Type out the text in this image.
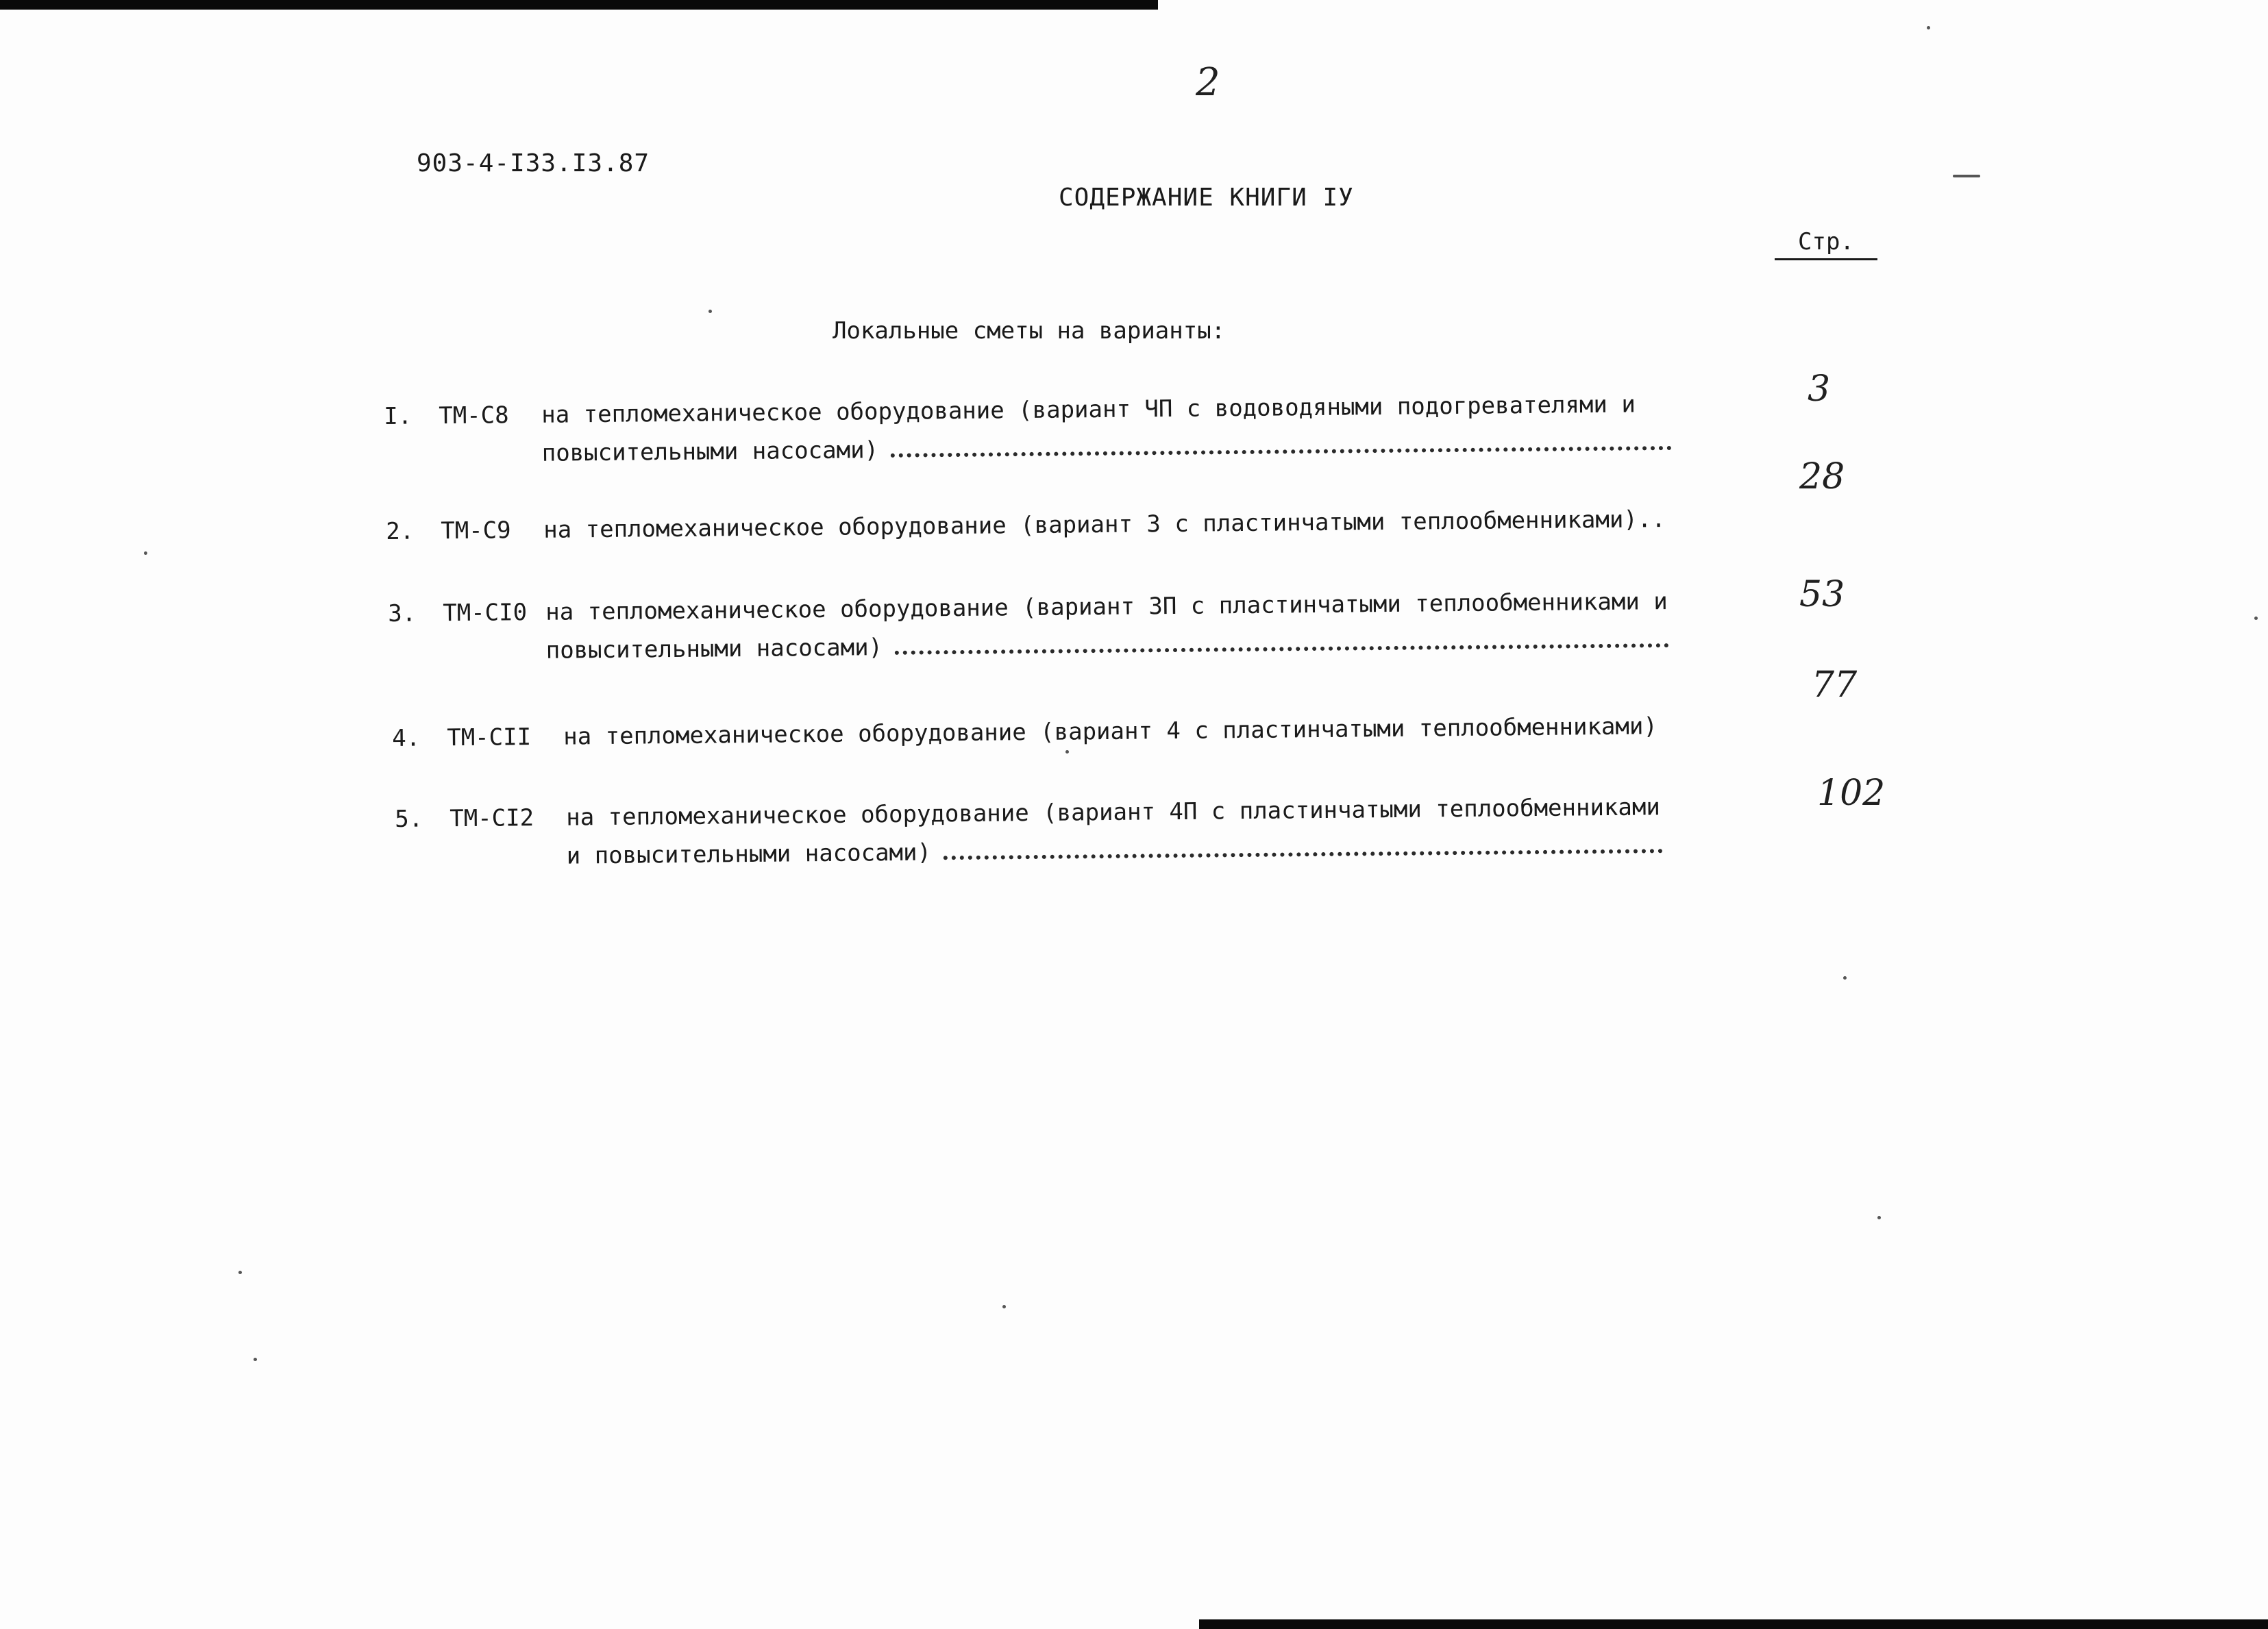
2
903-4-I33.I3.87
СОДЕРЖАНИЕ КНИГИ IУ
Стр.
Локальные сметы на варианты:
I.	ТМ-С8	на тепломеханическое оборудование (вариант ЧП с водоводяными подогревателями и
повысительными насосами)
3
2.	ТМ-С9	на тепломеханическое оборудование (вариант 3 с пластинчатыми теплообменниками)..
28
3.	ТМ-СI0 на тепломеханическое оборудование (вариант ЗП с пластинчатыми теплообменниками и
повысительными насосами)
53
4.	ТМ-СII	на тепломеханическое оборудование (вариант 4 с пластинчатыми теплообменниками)
77
5.	ТМ-СI2	на тепломеханическое оборудование (вариант 4П с пластинчатыми теплообменниками
и повысительными насосами)
102
